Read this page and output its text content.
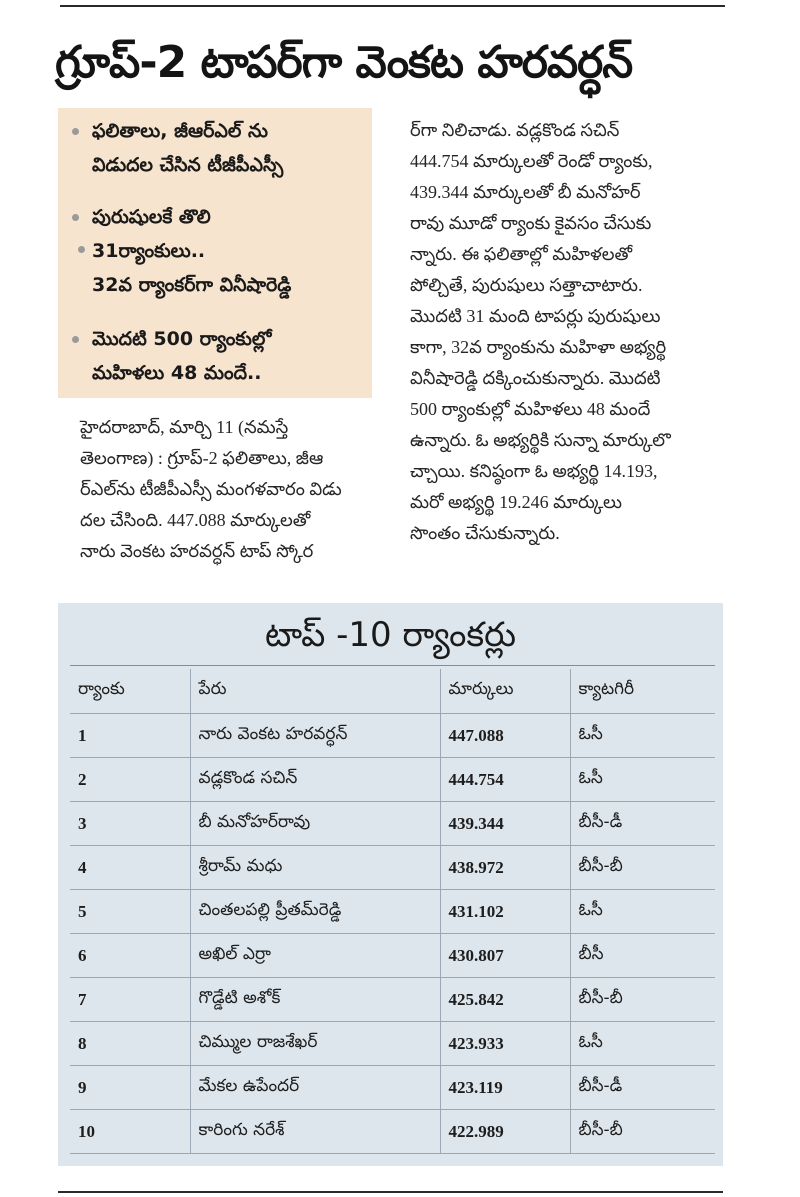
గ్రూప్-2 టాపర్‌గా వెంకట హరవర్ధన్
ఫలితాలు, జీఆర్ఎల్ ను
విడుదల చేసిన టీజీపీఎస్సీ
పురుషులకే తొలి
31ర్యాంకులు..
32వ ర్యాంకర్‌గా వినీషారెడ్డి
మొదటి 500 ర్యాంకుల్లో
మహిళలు 48 మందే..
హైదరాబాద్, మార్చి 11 (నమస్తే
తెలంగాణ) : గ్రూప్-2 ఫలితాలు, జీఆ
ర్‌ఎల్‌ను టీజీపీఎస్సీ మంగళవారం విడు
దల చేసింది. 447.088 మార్కులతో
నారు వెంకట హరవర్ధన్ టాప్ స్కోర
ర్‌గా నిలిచాడు. వడ్లకొండ సచిన్
444.754 మార్కులతో రెండో ర్యాంకు,
439.344 మార్కులతో బీ మనోహర్
రావు మూడో ర్యాంకు కైవసం చేసుకు
న్నారు. ఈ ఫలితాల్లో మహిళలతో
పోల్చితే, పురుషులు సత్తాచాటారు.
మొదటి 31 మంది టాపర్లు పురుషులు
కాగా, 32వ ర్యాంకును మహిళా అభ్యర్థి
వినీషారెడ్డి దక్కించుకున్నారు. మొదటి
500 ర్యాంకుల్లో మహిళలు 48 మందే
ఉన్నారు. ఓ అభ్యర్థికి సున్నా మార్కులొ
చ్చాయి. కనిష్ఠంగా ఓ అభ్యర్థి 14.193,
మరో అభ్యర్థి 19.246 మార్కులు
సొంతం చేసుకున్నారు.
టాప్ -10 ర్యాంకర్లు
ర్యాంకు	పేరు	మార్కులు	క్యాటగిరీ
1	నారు వెంకట హరవర్ధన్	447.088	ఓసీ
2	వడ్లకొండ సచిన్	444.754	ఓసీ
3	బీ మనోహర్‌రావు	439.344	బీసీ-డీ
4	శ్రీరామ్ మధు	438.972	బీసీ-బీ
5	చింతలపల్లి ప్రీతమ్‌రెడ్డి	431.102	ఓసీ
6	అఖిల్ ఎర్రా	430.807	బీసీ
7	గొడ్డేటి అశోక్	425.842	బీసీ-బీ
8	చిమ్ముల రాజశేఖర్	423.933	ఓసీ
9	మేకల ఉపేందర్	423.119	బీసీ-డీ
10	కారింగు నరేశ్	422.989	బీసీ-బీ
